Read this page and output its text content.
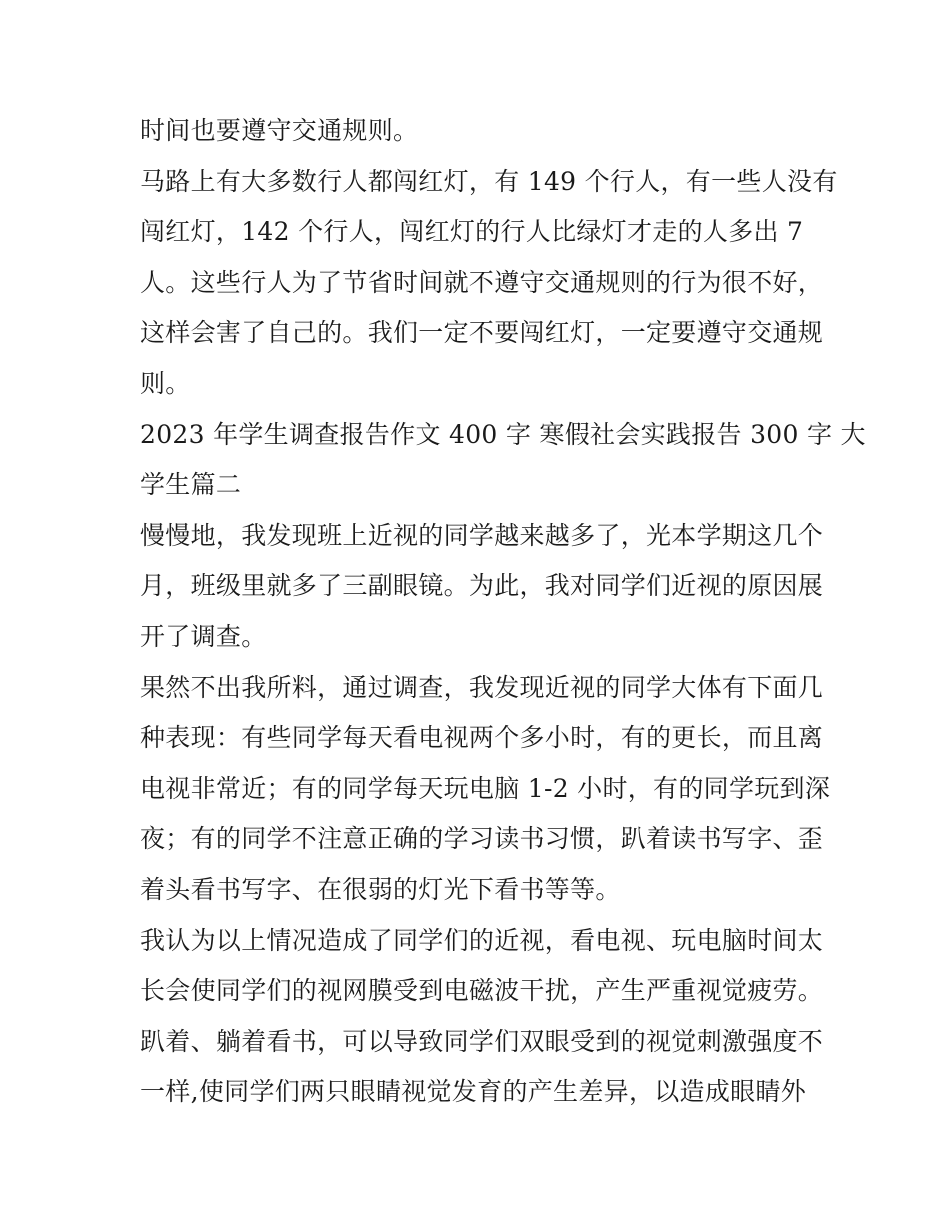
时间也要遵守交通规则。
马路上有大多数行人都闯红灯，有 149 个行人，有一些人没有
闯红灯，142 个行人，闯红灯的行人比绿灯才走的人多出 7
人。这些行人为了节省时间就不遵守交通规则的行为很不好，
这样会害了自己的。我们一定不要闯红灯，一定要遵守交通规
则。
2023 年学生调查报告作文 400 字 寒假社会实践报告 300 字 大
学生篇二
慢慢地，我发现班上近视的同学越来越多了，光本学期这几个
月，班级里就多了三副眼镜。为此，我对同学们近视的原因展
开了调查。
果然不出我所料，通过调查，我发现近视的同学大体有下面几
种表现：有些同学每天看电视两个多小时，有的更长，而且离
电视非常近；有的同学每天玩电脑 1-2 小时，有的同学玩到深
夜；有的同学不注意正确的学习读书习惯，趴着读书写字、歪
着头看书写字、在很弱的灯光下看书等等。
我认为以上情况造成了同学们的近视，看电视、玩电脑时间太
长会使同学们的视网膜受到电磁波干扰，产生严重视觉疲劳。
趴着、躺着看书，可以导致同学们双眼受到的视觉刺激强度不
一样,使同学们两只眼睛视觉发育的产生差异，以造成眼睛外
